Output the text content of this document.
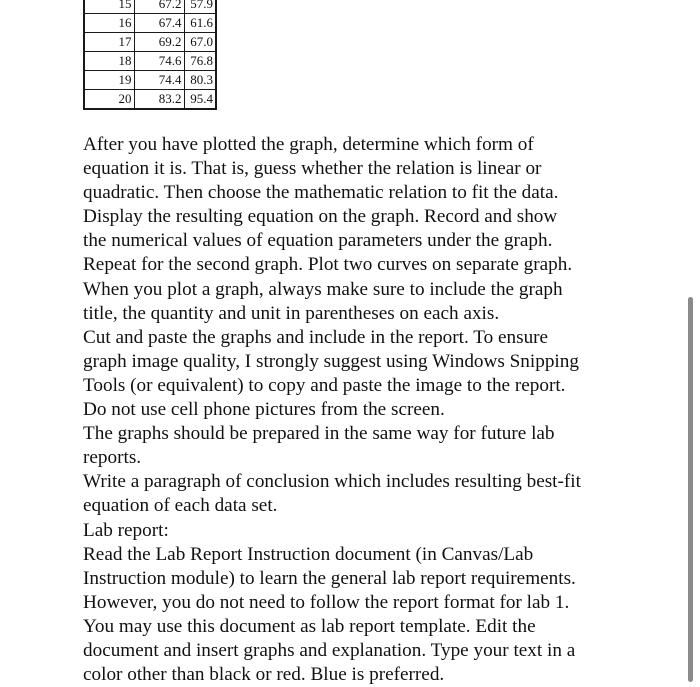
15	67.2	57.9
16	67.4	61.6
17	69.2	67.0
18	74.6	76.8
19	74.4	80.3
20	83.2	95.4

After you have plotted the graph, determine which form of
equation it is. That is, guess whether the relation is linear or
quadratic. Then choose the mathematic relation to fit the data.
Display the resulting equation on the graph. Record and show
the numerical values of equation parameters under the graph.
Repeat for the second graph. Plot two curves on separate graph.
When you plot a graph, always make sure to include the graph
title, the quantity and unit in parentheses on each axis.
Cut and paste the graphs and include in the report. To ensure
graph image quality, I strongly suggest using Windows Snipping
Tools (or equivalent) to copy and paste the image to the report.
Do not use cell phone pictures from the screen.
The graphs should be prepared in the same way for future lab
reports.
Write a paragraph of conclusion which includes resulting best-fit
equation of each data set.
Lab report:
Read the Lab Report Instruction document (in Canvas/Lab
Instruction module) to learn the general lab report requirements.
However, you do not need to follow the report format for lab 1.
You may use this document as lab report template. Edit the
document and insert graphs and explanation. Type your text in a
color other than black or red. Blue is preferred.
